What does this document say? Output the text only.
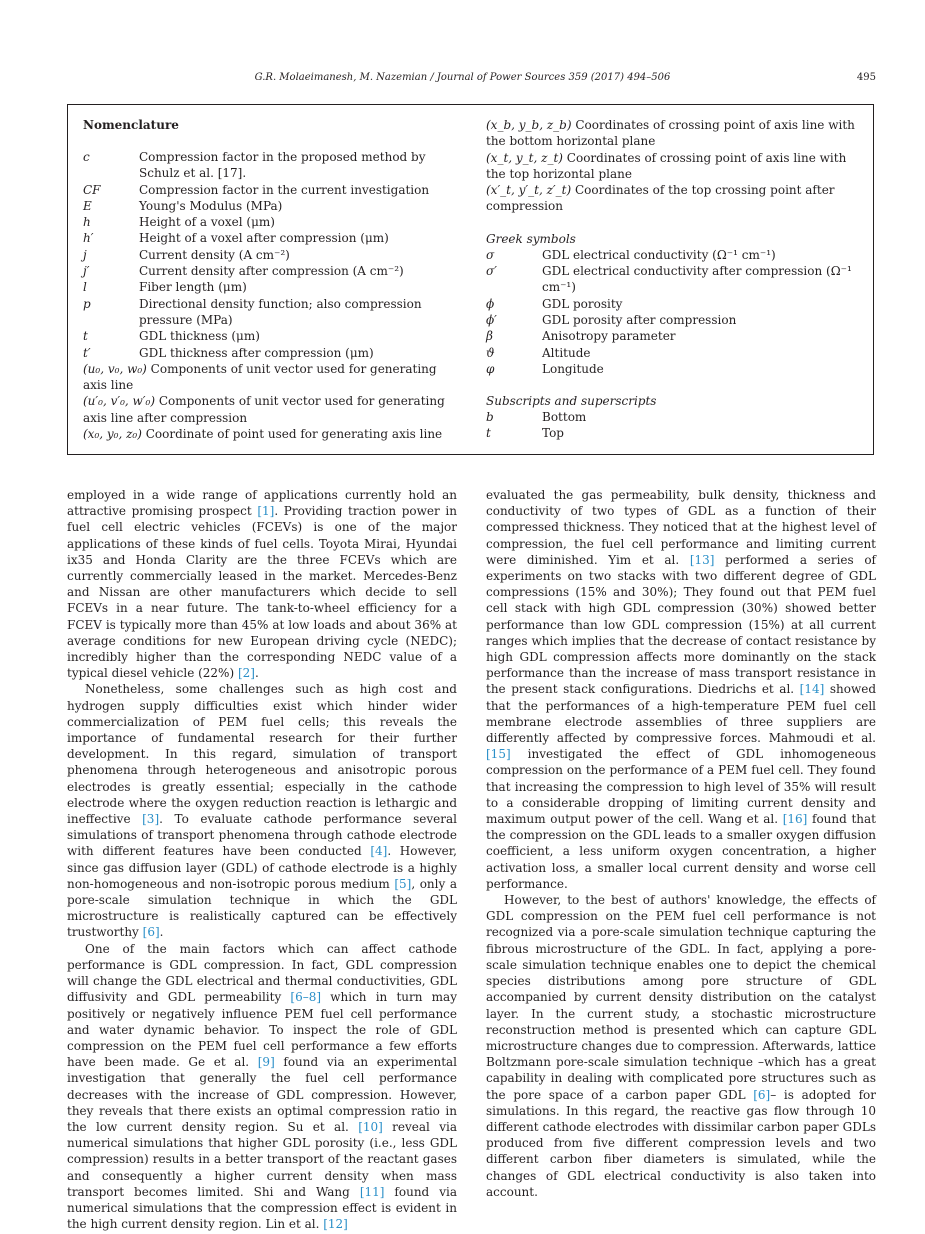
G.R. Molaeimanesh, M. Nazemian / Journal of Power Sources 359 (2017) 494–506	495
Nomenclature
c	Compression factor in the proposed method by Schulz et al. [17].
CF	Compression factor in the current investigation
E	Young's Modulus (MPa)
h	Height of a voxel (μm)
h′	Height of a voxel after compression (μm)
j	Current density (A cm⁻²)
j′	Current density after compression (A cm⁻²)
l	Fiber length (μm)
p	Directional density function; also compression pressure (MPa)
t	GDL thickness (μm)
t′	GDL thickness after compression (μm)
(u₀, v₀, w₀) Components of unit vector used for generating axis line
(u′₀, v′₀, w′₀) Components of unit vector used for generating axis line after compression
(x₀, y₀, z₀) Coordinate of point used for generating axis line
(x_b, y_b, z_b) Coordinates of crossing point of axis line with the bottom horizontal plane
(x_t, y_t, z_t) Coordinates of crossing point of axis line with the top horizontal plane
(x′_t, y′_t, z′_t) Coordinates of the top crossing point after compression
Greek symbols
σ	GDL electrical conductivity (Ω⁻¹ cm⁻¹)
σ′	GDL electrical conductivity after compression (Ω⁻¹ cm⁻¹)
ϕ	GDL porosity
ϕ′	GDL porosity after compression
β	Anisotropy parameter
ϑ	Altitude
φ	Longitude
Subscripts and superscripts
b	Bottom
t	Top

employed in a wide range of applications currently hold an attractive promising prospect [1]. Providing traction power in fuel cell electric vehicles (FCEVs) is one of the major applications of these kinds of fuel cells. Toyota Mirai, Hyundai ix35 and Honda Clarity are the three FCEVs which are currently commercially leased in the market. Mercedes-Benz and Nissan are other manufacturers which decide to sell FCEVs in a near future. The tank-to-wheel efficiency for a FCEV is typically more than 45% at low loads and about 36% at average conditions for new European driving cycle (NEDC); incredibly higher than the corresponding NEDC value of a typical diesel vehicle (22%) [2].

Nonetheless, some challenges such as high cost and hydrogen supply difficulties exist which hinder wider commercialization of PEM fuel cells; this reveals the importance of fundamental research for their further development. In this regard, simulation of transport phenomena through heterogeneous and anisotropic porous electrodes is greatly essential; especially in the cathode electrode where the oxygen reduction reaction is lethargic and ineffective [3]. To evaluate cathode performance several simulations of transport phenomena through cathode electrode with different features have been conducted [4]. However, since gas diffusion layer (GDL) of cathode electrode is a highly non-homogeneous and non-isotropic porous medium [5], only a pore-scale simulation technique in which the GDL microstructure is realistically captured can be effectively trustworthy [6].

One of the main factors which can affect cathode performance is GDL compression. In fact, GDL compression will change the GDL electrical and thermal conductivities, GDL diffusivity and GDL permeability [6–8] which in turn may positively or negatively influence PEM fuel cell performance and water dynamic behavior. To inspect the role of GDL compression on the PEM fuel cell performance a few efforts have been made. Ge et al. [9] found via an experimental investigation that generally the fuel cell performance decreases with the increase of GDL compression. However, they reveals that there exists an optimal compression ratio in the low current density region. Su et al. [10] reveal via numerical simulations that higher GDL porosity (i.e., less GDL compression) results in a better transport of the reactant gases and consequently a higher current density when mass transport becomes limited. Shi and Wang [11] found via numerical simulations that the compression effect is evident in the high current density region. Lin et al. [12]

evaluated the gas permeability, bulk density, thickness and conductivity of two types of GDL as a function of their compressed thickness. They noticed that at the highest level of compression, the fuel cell performance and limiting current were diminished. Yim et al. [13] performed a series of experiments on two stacks with two different degree of GDL compressions (15% and 30%); They found out that PEM fuel cell stack with high GDL compression (30%) showed better performance than low GDL compression (15%) at all current ranges which implies that the decrease of contact resistance by high GDL compression affects more dominantly on the stack performance than the increase of mass transport resistance in the present stack configurations. Diedrichs et al. [14] showed that the performances of a high-temperature PEM fuel cell membrane electrode assemblies of three suppliers are differently affected by compressive forces. Mahmoudi et al. [15] investigated the effect of GDL inhomogeneous compression on the performance of a PEM fuel cell. They found that increasing the compression to high level of 35% will result to a considerable dropping of limiting current density and maximum output power of the cell. Wang et al. [16] found that the compression on the GDL leads to a smaller oxygen diffusion coefficient, a less uniform oxygen concentration, a higher activation loss, a smaller local current density and worse cell performance.

However, to the best of authors' knowledge, the effects of GDL compression on the PEM fuel cell performance is not recognized via a pore-scale simulation technique capturing the fibrous microstructure of the GDL. In fact, applying a pore-scale simulation technique enables one to depict the chemical species distributions among pore structure of GDL accompanied by current density distribution on the catalyst layer. In the current study, a stochastic microstructure reconstruction method is presented which can capture GDL microstructure changes due to compression. Afterwards, lattice Boltzmann pore-scale simulation technique –which has a great capability in dealing with complicated pore structures such as the pore space of a carbon paper GDL [6]– is adopted for simulations. In this regard, the reactive gas flow through 10 different cathode electrodes with dissimilar carbon paper GDLs produced from five different compression levels and two different carbon fiber diameters is simulated, while the changes of GDL electrical conductivity is also taken into account.
